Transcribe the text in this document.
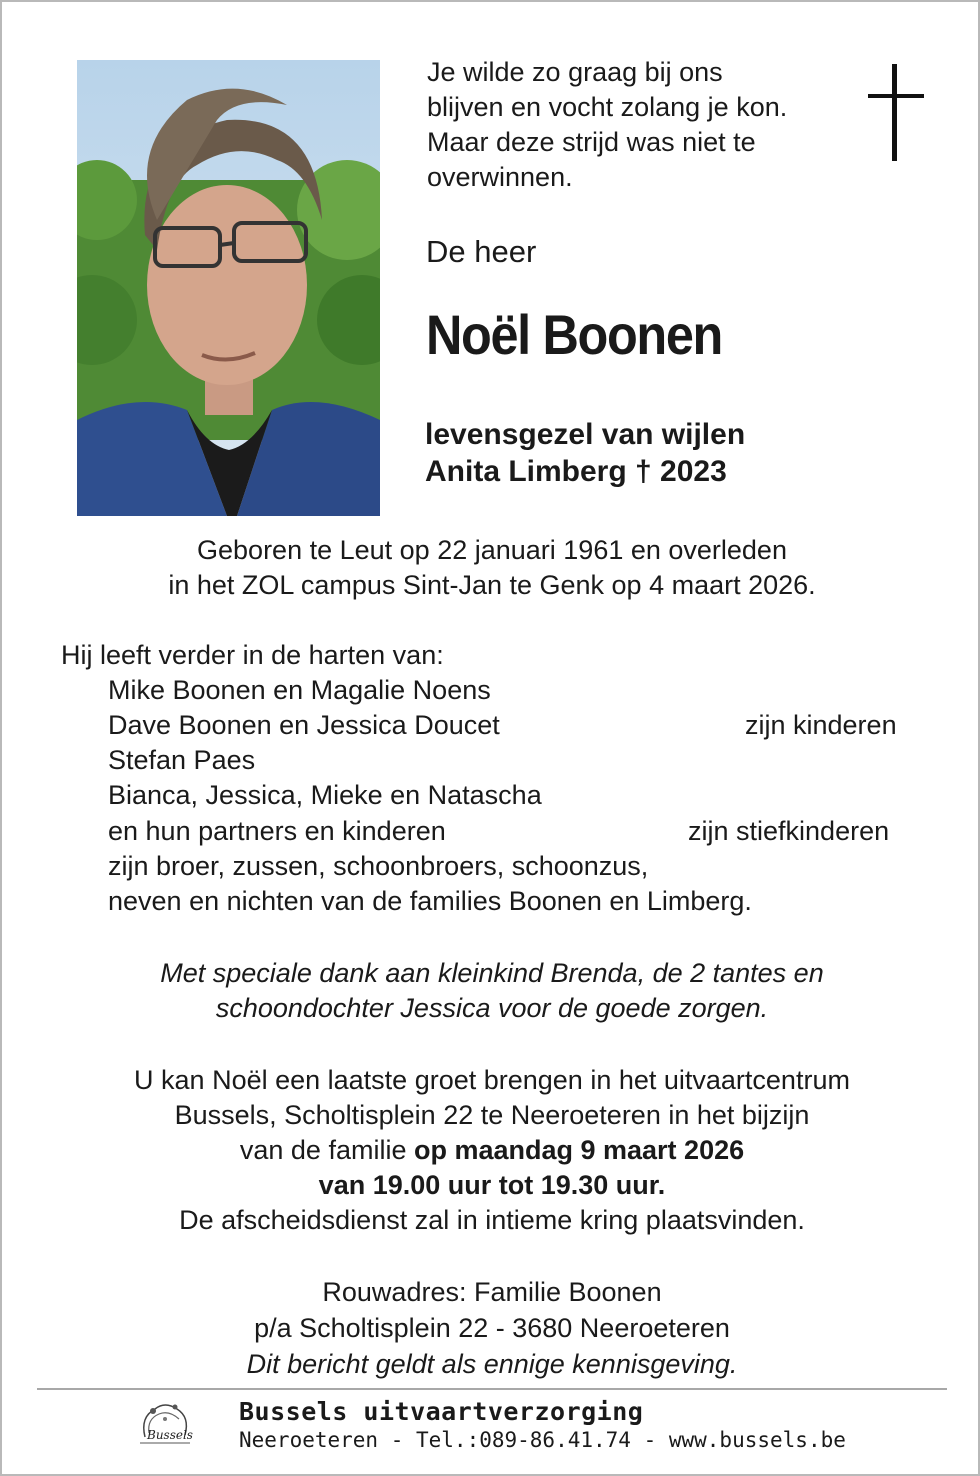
Je wilde zo graag bij ons
blijven en vocht zolang je kon.
Maar deze strijd was niet te
overwinnen.
De heer
Noël Boonen
levensgezel van wijlen
Anita Limberg † 2023
Geboren te Leut op 22 januari 1961 en overleden
in het ZOL campus Sint-Jan te Genk op 4 maart 2026.
Hij leeft verder in de harten van:
Mike Boonen en Magalie Noens
Dave Boonen en Jessica Doucet	zijn kinderen
Stefan Paes
Bianca, Jessica, Mieke en Natascha
en hun partners en kinderen	zijn stiefkinderen
zijn broer, zussen, schoonbroers, schoonzus,
neven en nichten van de families Boonen en Limberg.
Met speciale dank aan kleinkind Brenda, de 2 tantes en
schoondochter Jessica voor de goede zorgen.
U kan Noël een laatste groet brengen in het uitvaartcentrum
Bussels, Scholtisplein 22 te Neeroeteren in het bijzijn
van de familie op maandag 9 maart 2026
van 19.00 uur tot 19.30 uur.
De afscheidsdienst zal in intieme kring plaatsvinden.
Rouwadres: Familie Boonen
p/a Scholtisplein 22 - 3680 Neeroeteren
Dit bericht geldt als ennige kennisgeving.
Bussels
Bussels uitvaartverzorging
Neeroeteren - Tel.:089-86.41.74 - www.bussels.be
